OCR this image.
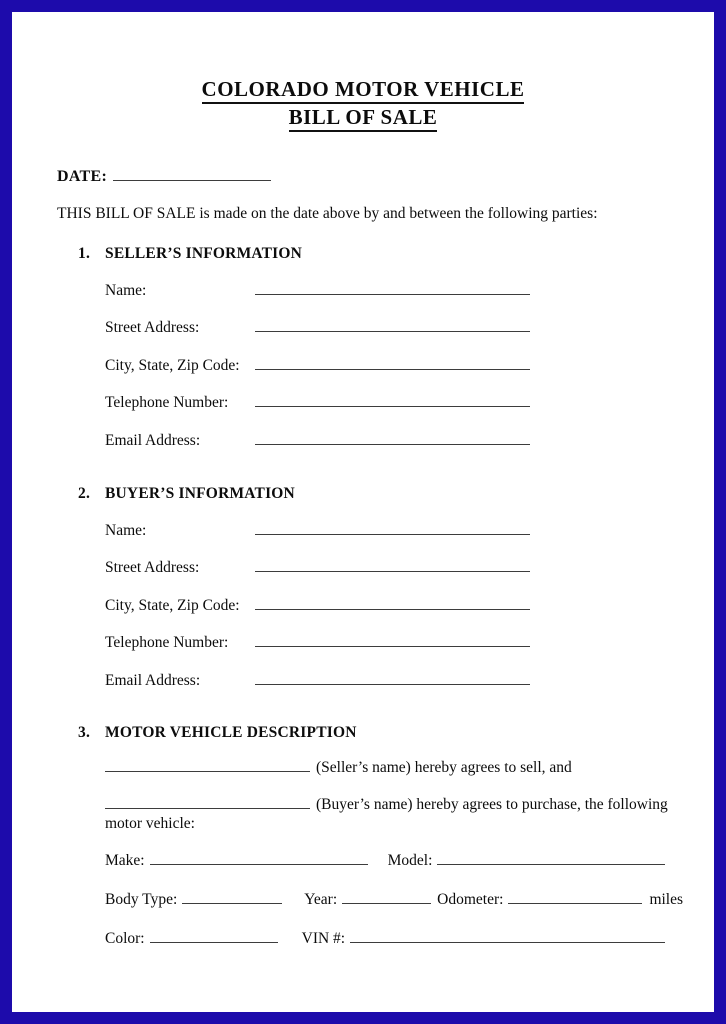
COLORADO MOTOR VEHICLE
BILL OF SALE
DATE:
THIS BILL OF SALE is made on the date above by and between the following parties:
1. SELLER’S INFORMATION
Name:
Street Address:
City, State, Zip Code:
Telephone Number:
Email Address:
2. BUYER’S INFORMATION
Name:
Street Address:
City, State, Zip Code:
Telephone Number:
Email Address:
3. MOTOR VEHICLE DESCRIPTION
(Seller’s name) hereby agrees to sell, and
(Buyer’s name) hereby agrees to purchase, the following
motor vehicle:
Make:	Model:
Body Type:	Year:	Odometer:	miles
Color:	VIN #:
